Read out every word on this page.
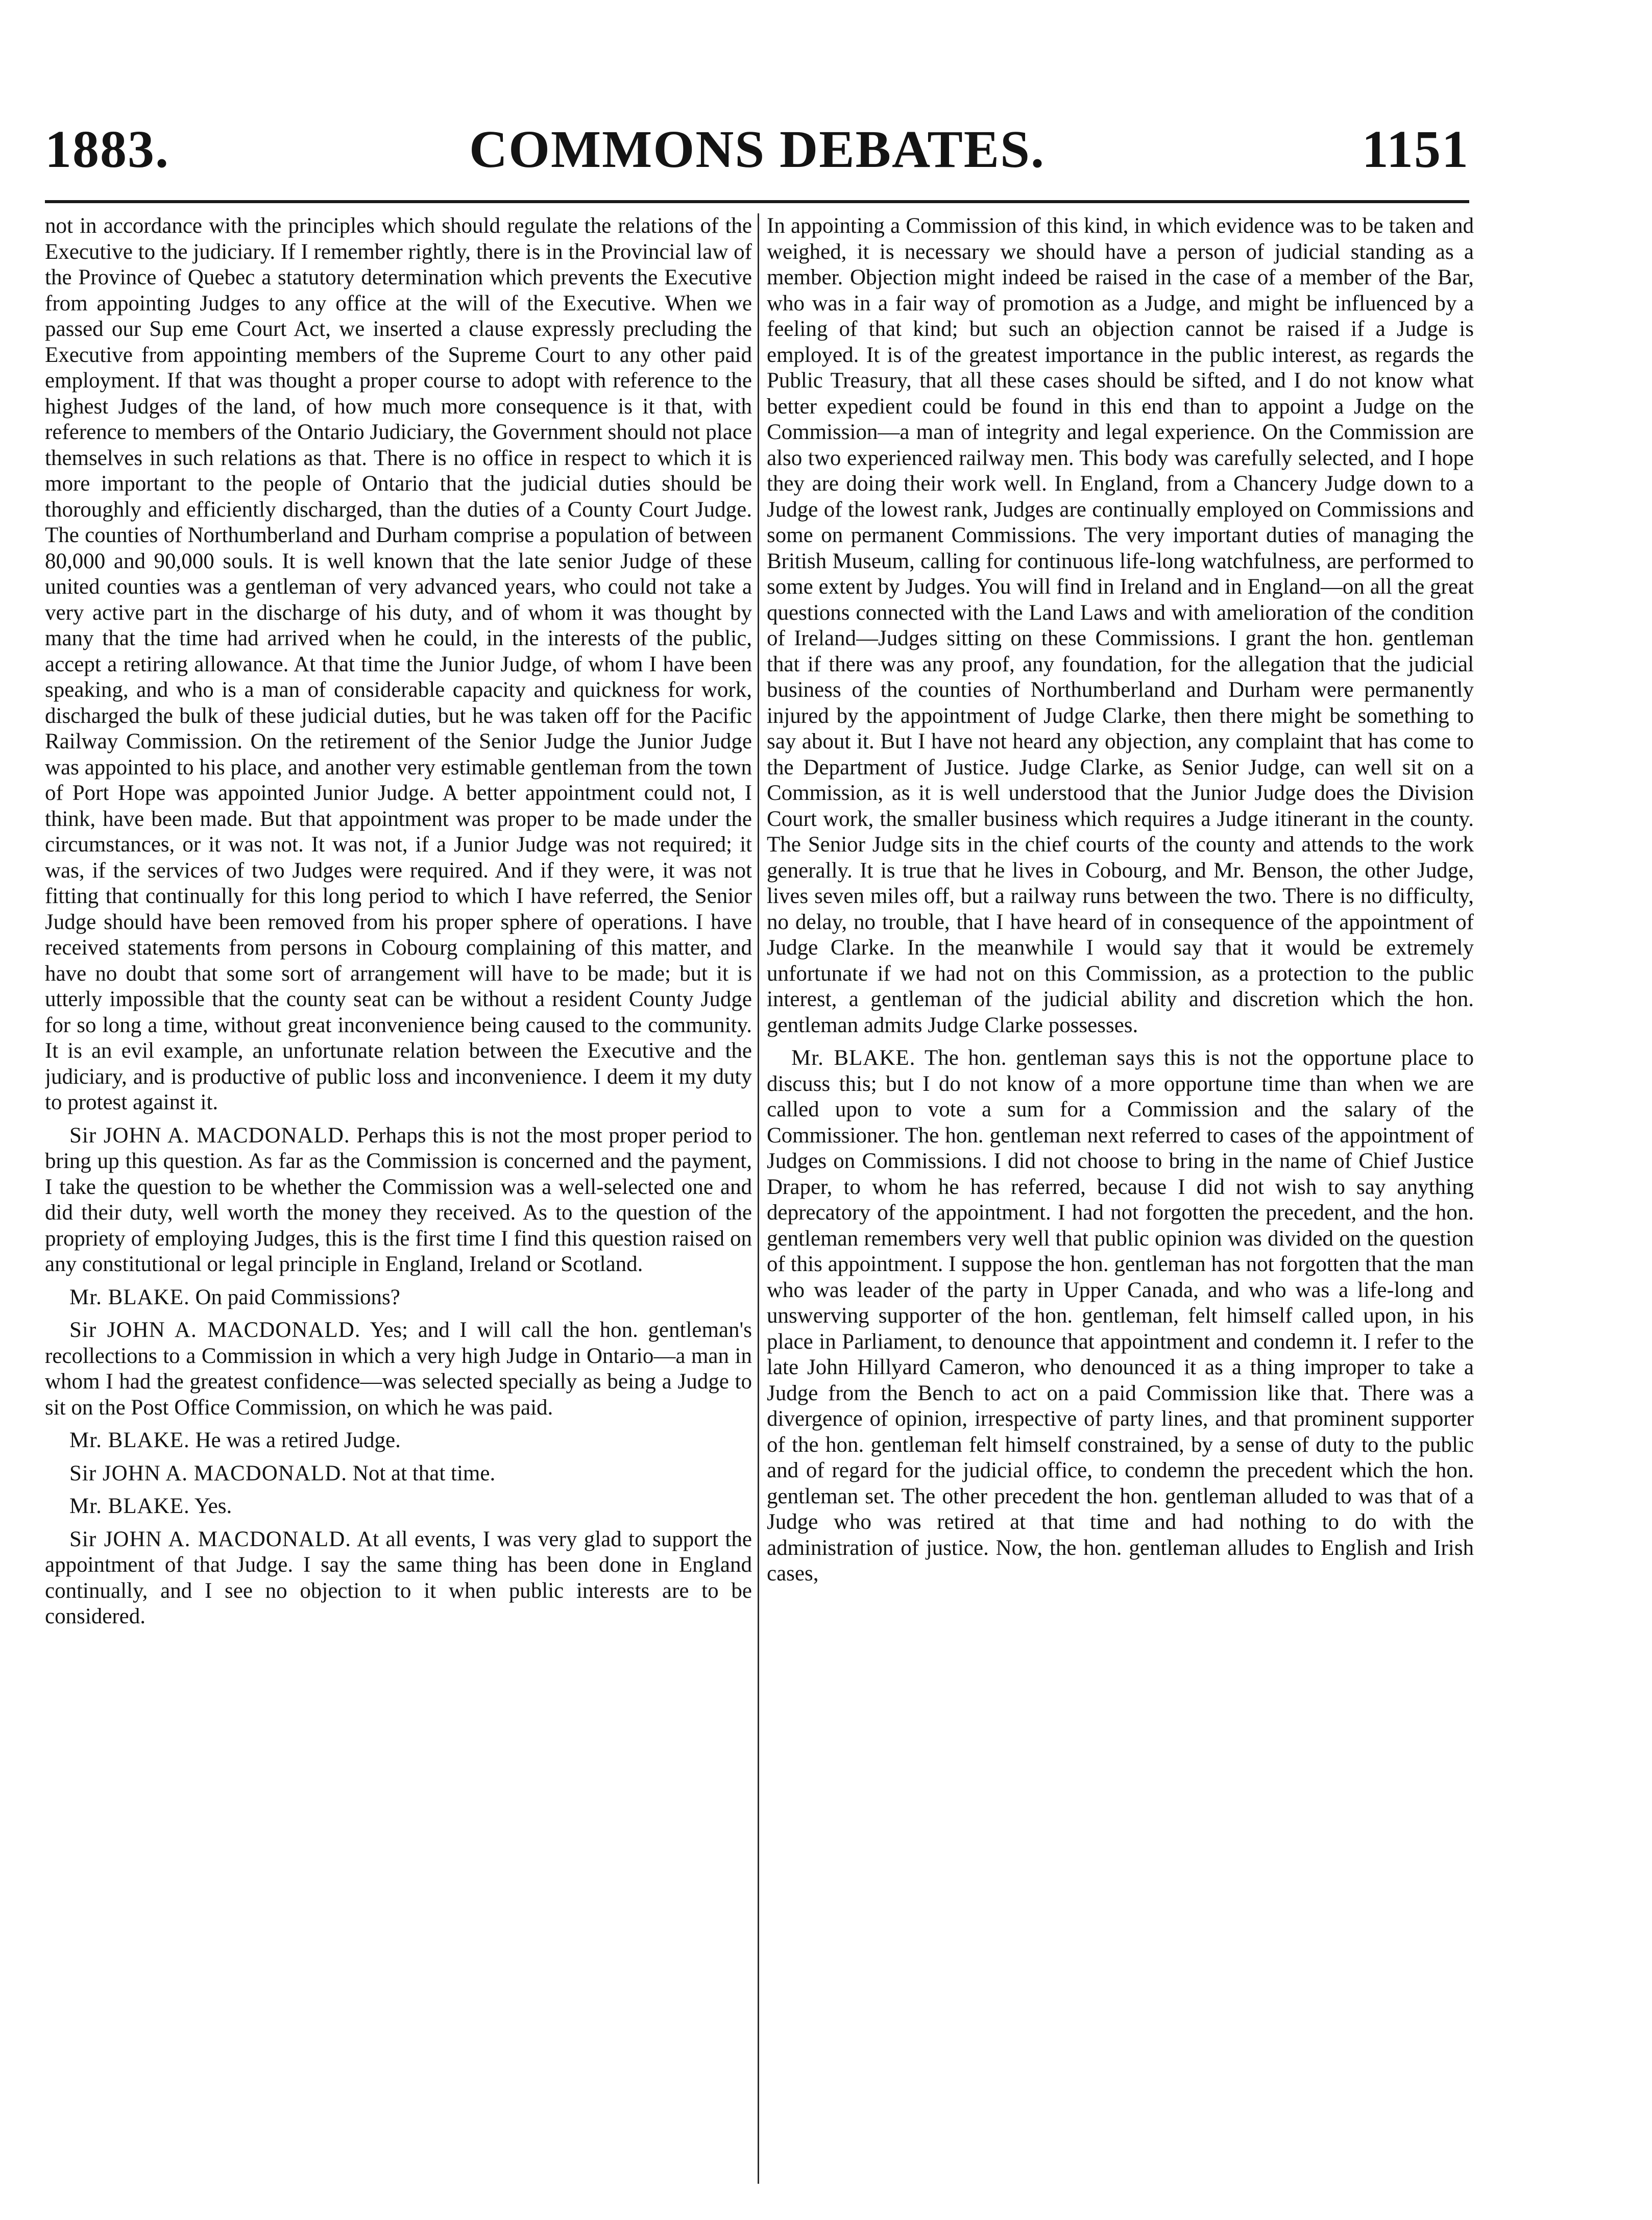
1883.	COMMONS DEBATES.	1151

not in accordance with the principles which should regulate the relations of the Executive to the judiciary. If I remember rightly, there is in the Provincial law of the Province of Quebec a statutory determination which prevents the Executive from appointing Judges to any office at the will of the Executive. When we passed our Sup eme Court Act, we inserted a clause expressly precluding the Executive from appointing members of the Supreme Court to any other paid employment. If that was thought a proper course to adopt with reference to the highest Judges of the land, of how much more consequence is it that, with reference to members of the Ontario Judiciary, the Government should not place themselves in such relations as that. There is no office in respect to which it is more important to the people of Ontario that the judicial duties should be thoroughly and efficiently discharged, than the duties of a County Court Judge. The counties of Northumberland and Durham comprise a population of between 80,000 and 90,000 souls. It is well known that the late senior Judge of these united counties was a gentleman of very advanced years, who could not take a very active part in the discharge of his duty, and of whom it was thought by many that the time had arrived when he could, in the interests of the public, accept a retiring allowance. At that time the Junior Judge, of whom I have been speaking, and who is a man of considerable capacity and quickness for work, discharged the bulk of these judicial duties, but he was taken off for the Pacific Railway Commission. On the retirement of the Senior Judge the Junior Judge was appointed to his place, and another very estimable gentleman from the town of Port Hope was appointed Junior Judge. A better appointment could not, I think, have been made. But that appointment was proper to be made under the circumstances, or it was not. It was not, if a Junior Judge was not required; it was, if the services of two Judges were required. And if they were, it was not fitting that continually for this long period to which I have referred, the Senior Judge should have been removed from his proper sphere of operations. I have received statements from persons in Cobourg complaining of this matter, and have no doubt that some sort of arrangement will have to be made; but it is utterly impossible that the county seat can be without a resident County Judge for so long a time, without great inconvenience being caused to the community. It is an evil example, an unfortunate relation between the Executive and the judiciary, and is productive of public loss and inconvenience. I deem it my duty to protest against it.

Sir JOHN A. MACDONALD. Perhaps this is not the most proper period to bring up this question. As far as the Commission is concerned and the payment, I take the question to be whether the Commission was a well-selected one and did their duty, well worth the money they received. As to the question of the propriety of employing Judges, this is the first time I find this question raised on any constitutional or legal principle in England, Ireland or Scotland.

Mr. BLAKE. On paid Commissions?

Sir JOHN A. MACDONALD. Yes; and I will call the hon. gentleman's recollections to a Commission in which a very high Judge in Ontario—a man in whom I had the greatest confidence—was selected specially as being a Judge to sit on the Post Office Commission, on which he was paid.

Mr. BLAKE. He was a retired Judge.

Sir JOHN A. MACDONALD. Not at that time.

Mr. BLAKE. Yes.

Sir JOHN A. MACDONALD. At all events, I was very glad to support the appointment of that Judge. I say the same thing has been done in England continually, and I see no objection to it when public interests are to be considered.

In appointing a Commission of this kind, in which evidence was to be taken and weighed, it is necessary we should have a person of judicial standing as a member. Objection might indeed be raised in the case of a member of the Bar, who was in a fair way of promotion as a Judge, and might be influenced by a feeling of that kind; but such an objection cannot be raised if a Judge is employed. It is of the greatest importance in the public interest, as regards the Public Treasury, that all these cases should be sifted, and I do not know what better expedient could be found in this end than to appoint a Judge on the Commission—a man of integrity and legal experience. On the Commission are also two experienced railway men. This body was carefully selected, and I hope they are doing their work well. In England, from a Chancery Judge down to a Judge of the lowest rank, Judges are continually employed on Commissions and some on permanent Commissions. The very important duties of managing the British Museum, calling for continuous life-long watchfulness, are performed to some extent by Judges. You will find in Ireland and in England—on all the great questions connected with the Land Laws and with amelioration of the condition of Ireland—Judges sitting on these Commissions. I grant the hon. gentleman that if there was any proof, any foundation, for the allegation that the judicial business of the counties of Northumberland and Durham were permanently injured by the appointment of Judge Clarke, then there might be something to say about it. But I have not heard any objection, any complaint that has come to the Department of Justice. Judge Clarke, as Senior Judge, can well sit on a Commission, as it is well understood that the Junior Judge does the Division Court work, the smaller business which requires a Judge itinerant in the county. The Senior Judge sits in the chief courts of the county and attends to the work generally. It is true that he lives in Cobourg, and Mr. Benson, the other Judge, lives seven miles off, but a railway runs between the two. There is no difficulty, no delay, no trouble, that I have heard of in consequence of the appointment of Judge Clarke. In the meanwhile I would say that it would be extremely unfortunate if we had not on this Commission, as a protection to the public interest, a gentleman of the judicial ability and discretion which the hon. gentleman admits Judge Clarke possesses.

Mr. BLAKE. The hon. gentleman says this is not the opportune place to discuss this; but I do not know of a more opportune time than when we are called upon to vote a sum for a Commission and the salary of the Commissioner. The hon. gentleman next referred to cases of the appointment of Judges on Commissions. I did not choose to bring in the name of Chief Justice Draper, to whom he has referred, because I did not wish to say anything deprecatory of the appointment. I had not forgotten the precedent, and the hon. gentleman remembers very well that public opinion was divided on the question of this appointment. I suppose the hon. gentleman has not forgotten that the man who was leader of the party in Upper Canada, and who was a life-long and unswerving supporter of the hon. gentleman, felt himself called upon, in his place in Parliament, to denounce that appointment and condemn it. I refer to the late John Hillyard Cameron, who denounced it as a thing improper to take a Judge from the Bench to act on a paid Commission like that. There was a divergence of opinion, irrespective of party lines, and that prominent supporter of the hon. gentleman felt himself constrained, by a sense of duty to the public and of regard for the judicial office, to condemn the precedent which the hon. gentleman set. The other precedent the hon. gentleman alluded to was that of a Judge who was retired at that time and had nothing to do with the administration of justice. Now, the hon. gentleman alludes to English and Irish cases,
